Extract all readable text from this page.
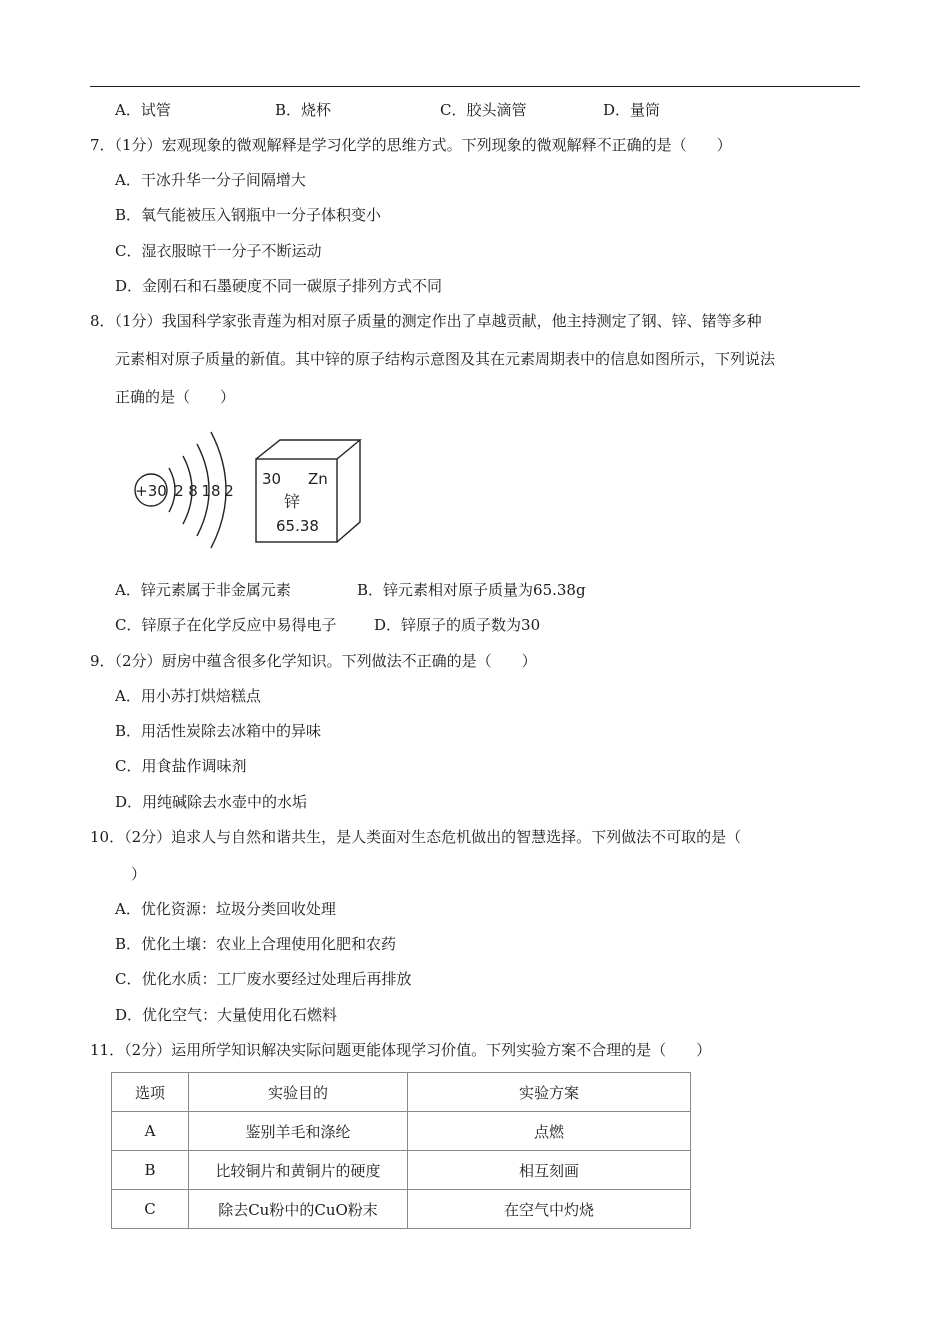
A．试管	B．烧杯	C．胶头滴管	D．量筒
7．（1分）宏观现象的微观解释是学习化学的思维方式。下列现象的微观解释不正确的是（　　）
A．干冰升华一分子间隔增大
B．氧气能被压入钢瓶中一分子体积变小
C．湿衣服晾干一分子不断运动
D．金刚石和石墨硬度不同一碳原子排列方式不同
8．（1分）我国科学家张青莲为相对原子质量的测定作出了卓越贡献，他主持测定了钢、锌、锗等多种
元素相对原子质量的新值。其中锌的原子结构示意图及其在元素周期表中的信息如图所示，下列说法
正确的是（　　）
+30 2 8 18 2
30 Zn
锌
65.38
A．锌元素属于非金属元素	B．锌元素相对原子质量为65.38g
C．锌原子在化学反应中易得电子	D．锌原子的质子数为30
9．（2分）厨房中蕴含很多化学知识。下列做法不正确的是（　　）
A．用小苏打烘焙糕点
B．用活性炭除去冰箱中的异味
C．用食盐作调味剂
D．用纯碱除去水壶中的水垢
10．（2分）追求人与自然和谐共生，是人类面对生态危机做出的智慧选择。下列做法不可取的是（
）
A．优化资源：垃圾分类回收处理
B．优化土壤：农业上合理使用化肥和农药
C．优化水质：工厂废水要经过处理后再排放
D．优化空气：大量使用化石燃料
11．（2分）运用所学知识解决实际问题更能体现学习价值。下列实验方案不合理的是（　　）
选项	实验目的	实验方案
A	鉴别羊毛和涤纶	点燃
B	比较铜片和黄铜片的硬度	相互刻画
C	除去Cu粉中的CuO粉末	在空气中灼烧
